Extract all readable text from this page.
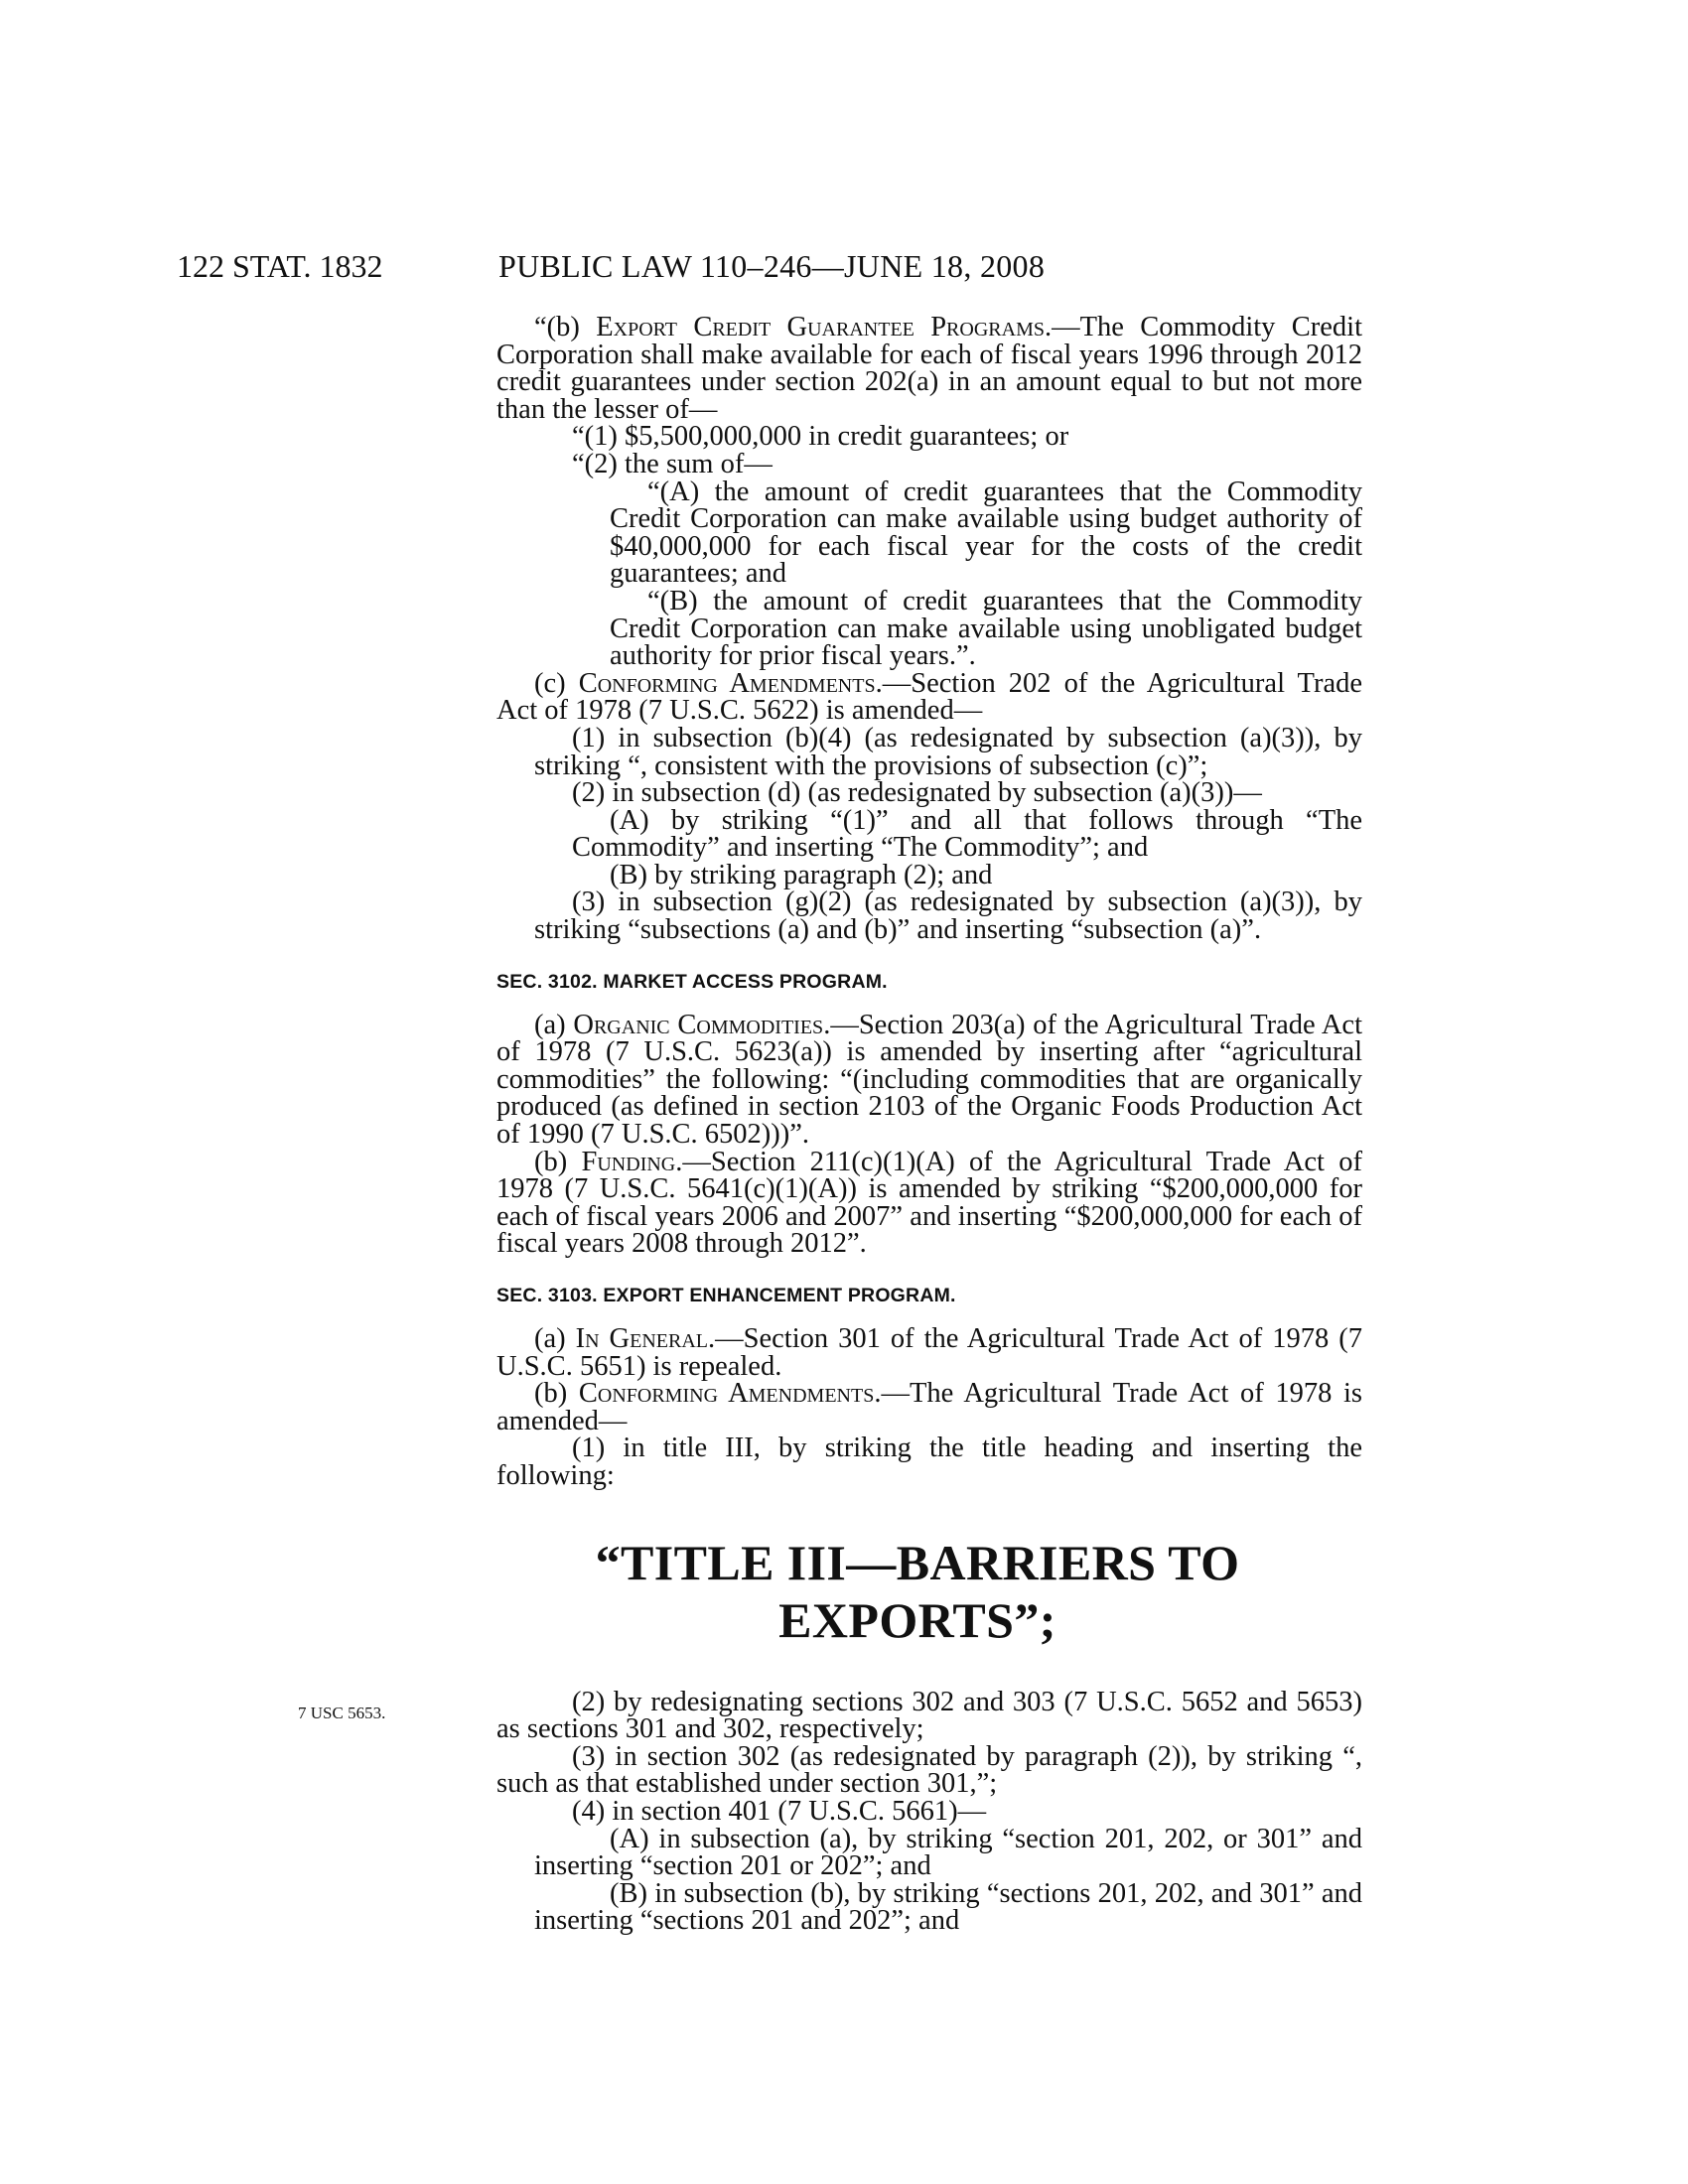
122 STAT. 1832	PUBLIC LAW 110–246—JUNE 18, 2008
7 USC 5653.

“(b) Export Credit Guarantee Programs.—The Commodity Credit Corporation shall make available for each of fiscal years 1996 through 2012 credit guarantees under section 202(a) in an amount equal to but not more than the lesser of—

“(1) $5,500,000,000 in credit guarantees; or

“(2) the sum of—

“(A) the amount of credit guarantees that the Commodity Credit Corporation can make available using budget authority of $40,000,000 for each fiscal year for the costs of the credit guarantees; and

“(B) the amount of credit guarantees that the Commodity Credit Corporation can make available using unobligated budget authority for prior fiscal years.”.

(c) Conforming Amendments.—Section 202 of the Agricultural Trade Act of 1978 (7 U.S.C. 5622) is amended—

(1) in subsection (b)(4) (as redesignated by subsection (a)(3)), by striking “, consistent with the provisions of subsection (c)”;

(2) in subsection (d) (as redesignated by subsection (a)(3))—

(A) by striking “(1)” and all that follows through “The Commodity” and inserting “The Commodity”; and

(B) by striking paragraph (2); and

(3) in subsection (g)(2) (as redesignated by subsection (a)(3)), by striking “subsections (a) and (b)” and inserting “subsection (a)”.

SEC. 3102. MARKET ACCESS PROGRAM.

(a) Organic Commodities.—Section 203(a) of the Agricultural Trade Act of 1978 (7 U.S.C. 5623(a)) is amended by inserting after “agricultural commodities” the following: “(including commodities that are organically produced (as defined in section 2103 of the Organic Foods Production Act of 1990 (7 U.S.C. 6502)))”.

(b) Funding.—Section 211(c)(1)(A) of the Agricultural Trade Act of 1978 (7 U.S.C. 5641(c)(1)(A)) is amended by striking “$200,000,000 for each of fiscal years 2006 and 2007” and inserting “$200,000,000 for each of fiscal years 2008 through 2012”.

SEC. 3103. EXPORT ENHANCEMENT PROGRAM.

(a) In General.—Section 301 of the Agricultural Trade Act of 1978 (7 U.S.C. 5651) is repealed.

(b) Conforming Amendments.—The Agricultural Trade Act of 1978 is amended—

(1) in title III, by striking the title heading and inserting the following:

“TITLE III—BARRIERS TO EXPORTS”;

(2) by redesignating sections 302 and 303 (7 U.S.C. 5652 and 5653) as sections 301 and 302, respectively;

(3) in section 302 (as redesignated by paragraph (2)), by striking “, such as that established under section 301,”;

(4) in section 401 (7 U.S.C. 5661)—

(A) in subsection (a), by striking “section 201, 202, or 301” and inserting “section 201 or 202”; and

(B) in subsection (b), by striking “sections 201, 202, and 301” and inserting “sections 201 and 202”; and
